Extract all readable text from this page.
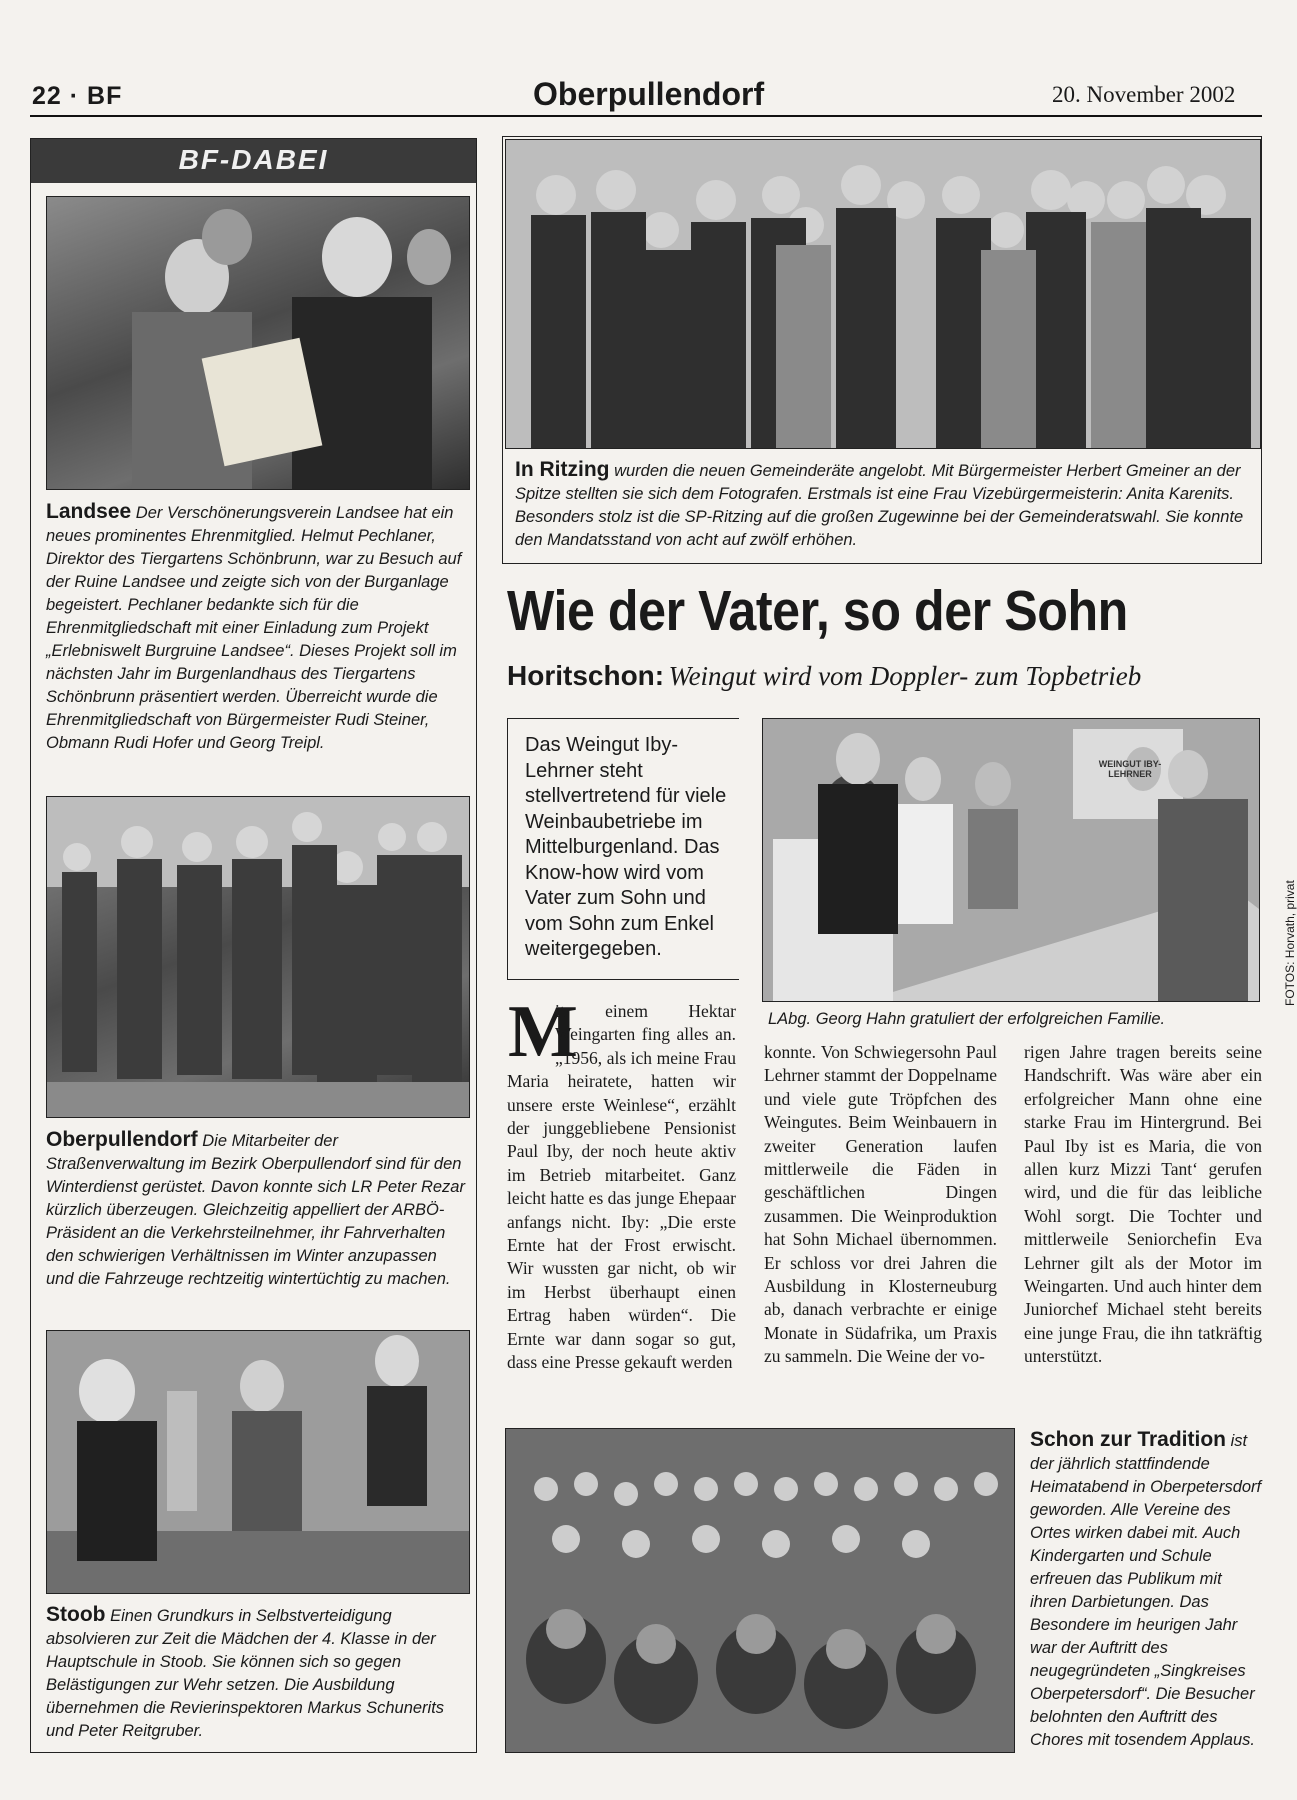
22 · BF	Oberpullendorf	20. November 2002
BF-DABEI
Landsee Der Verschönerungsverein Landsee hat ein neues prominentes Ehrenmitglied. Helmut Pechlaner, Direktor des Tiergartens Schönbrunn, war zu Besuch auf der Ruine Landsee und zeigte sich von der Burganlage begeistert. Pechlaner bedankte sich für die Ehrenmitgliedschaft mit einer Einladung zum Projekt „Erlebniswelt Burgruine Landsee“. Dieses Projekt soll im nächsten Jahr im Burgenlandhaus des Tiergartens Schönbrunn präsentiert werden. Überreicht wurde die Ehrenmitgliedschaft von Bürgermeister Rudi Steiner, Obmann Rudi Hofer und Georg Treipl.
Oberpullendorf Die Mitarbeiter der Straßenverwaltung im Bezirk Oberpullendorf sind für den Winterdienst gerüstet. Davon konnte sich LR Peter Rezar kürzlich überzeugen. Gleichzeitig appelliert der ARBÖ-Präsident an die Verkehrsteilnehmer, ihr Fahrverhalten den schwierigen Verhältnissen im Winter anzupassen und die Fahrzeuge rechtzeitig wintertüchtig zu machen.
Stoob Einen Grundkurs in Selbstverteidigung absolvieren zur Zeit die Mädchen der 4. Klasse in der Hauptschule in Stoob. Sie können sich so gegen Belästigungen zur Wehr setzen. Die Ausbildung übernehmen die Revierinspektoren Markus Schunerits und Peter Reitgruber.
In Ritzing wurden die neuen Gemeinderäte angelobt. Mit Bürgermeister Herbert Gmeiner an der Spitze stellten sie sich dem Fotografen. Erstmals ist eine Frau Vizebürgermeisterin: Anita Karenits. Besonders stolz ist die SP-Ritzing auf die großen Zugewinne bei der Gemeinderatswahl. Sie konnte den Mandatsstand von acht auf zwölf erhöhen.
Wie der Vater, so der Sohn
Horitschon: Weingut wird vom Doppler- zum Topbetrieb
Das Weingut Iby-Lehrner steht stellvertretend für viele Weinbaubetriebe im Mittelburgenland. Das Know-how wird vom Vater zum Sohn und vom Sohn zum Enkel weitergegeben.
WEINGUT IBY-LEHRNER
FOTOS: Horvath, privat
LAbg. Georg Hahn gratuliert der erfolgreichen Familie.
M
it einem Hektar Weingarten fing alles an. „1956, als ich meine Frau Maria heiratete, hatten wir unsere erste Weinlese“, erzählt der junggebliebene Pensionist Paul Iby, der noch heute aktiv im Betrieb mitarbeitet. Ganz leicht hatte es das junge Ehepaar anfangs nicht. Iby: „Die erste Ernte hat der Frost erwischt. Wir wussten gar nicht, ob wir im Herbst überhaupt einen Ertrag haben würden“. Die Ernte war dann sogar so gut, dass eine Presse gekauft werden
konnte. Von Schwiegersohn Paul Lehrner stammt der Doppelname und viele gute Tröpfchen des Weingutes. Beim Weinbauern in zweiter Generation laufen mittlerweile die Fäden in geschäftlichen Dingen zusammen. Die Weinproduktion hat Sohn Michael übernommen. Er schloss vor drei Jahren die Ausbildung in Klosterneuburg ab, danach verbrachte er einige Monate in Südafrika, um Praxis zu sammeln. Die Weine der vo-
rigen Jahre tragen bereits seine Handschrift. Was wäre aber ein erfolgreicher Mann ohne eine starke Frau im Hintergrund. Bei Paul Iby ist es Maria, die von allen kurz Mizzi Tant‘ gerufen wird, und die für das leibliche Wohl sorgt. Die Tochter und mittlerweile Seniorchefin Eva Lehrner gilt als der Motor im Weingarten. Und auch hinter dem Juniorchef Michael steht bereits eine junge Frau, die ihn tatkräftig unterstützt.
Schon zur Tradition ist der jährlich stattfindende Heimatabend in Oberpetersdorf geworden. Alle Vereine des Ortes wirken dabei mit. Auch Kindergarten und Schule erfreuen das Publikum mit ihren Darbietungen. Das Besondere im heurigen Jahr war der Auftritt des neugegründeten „Singkreises Oberpetersdorf“. Die Besucher belohnten den Auftritt des Chores mit tosendem Applaus.
